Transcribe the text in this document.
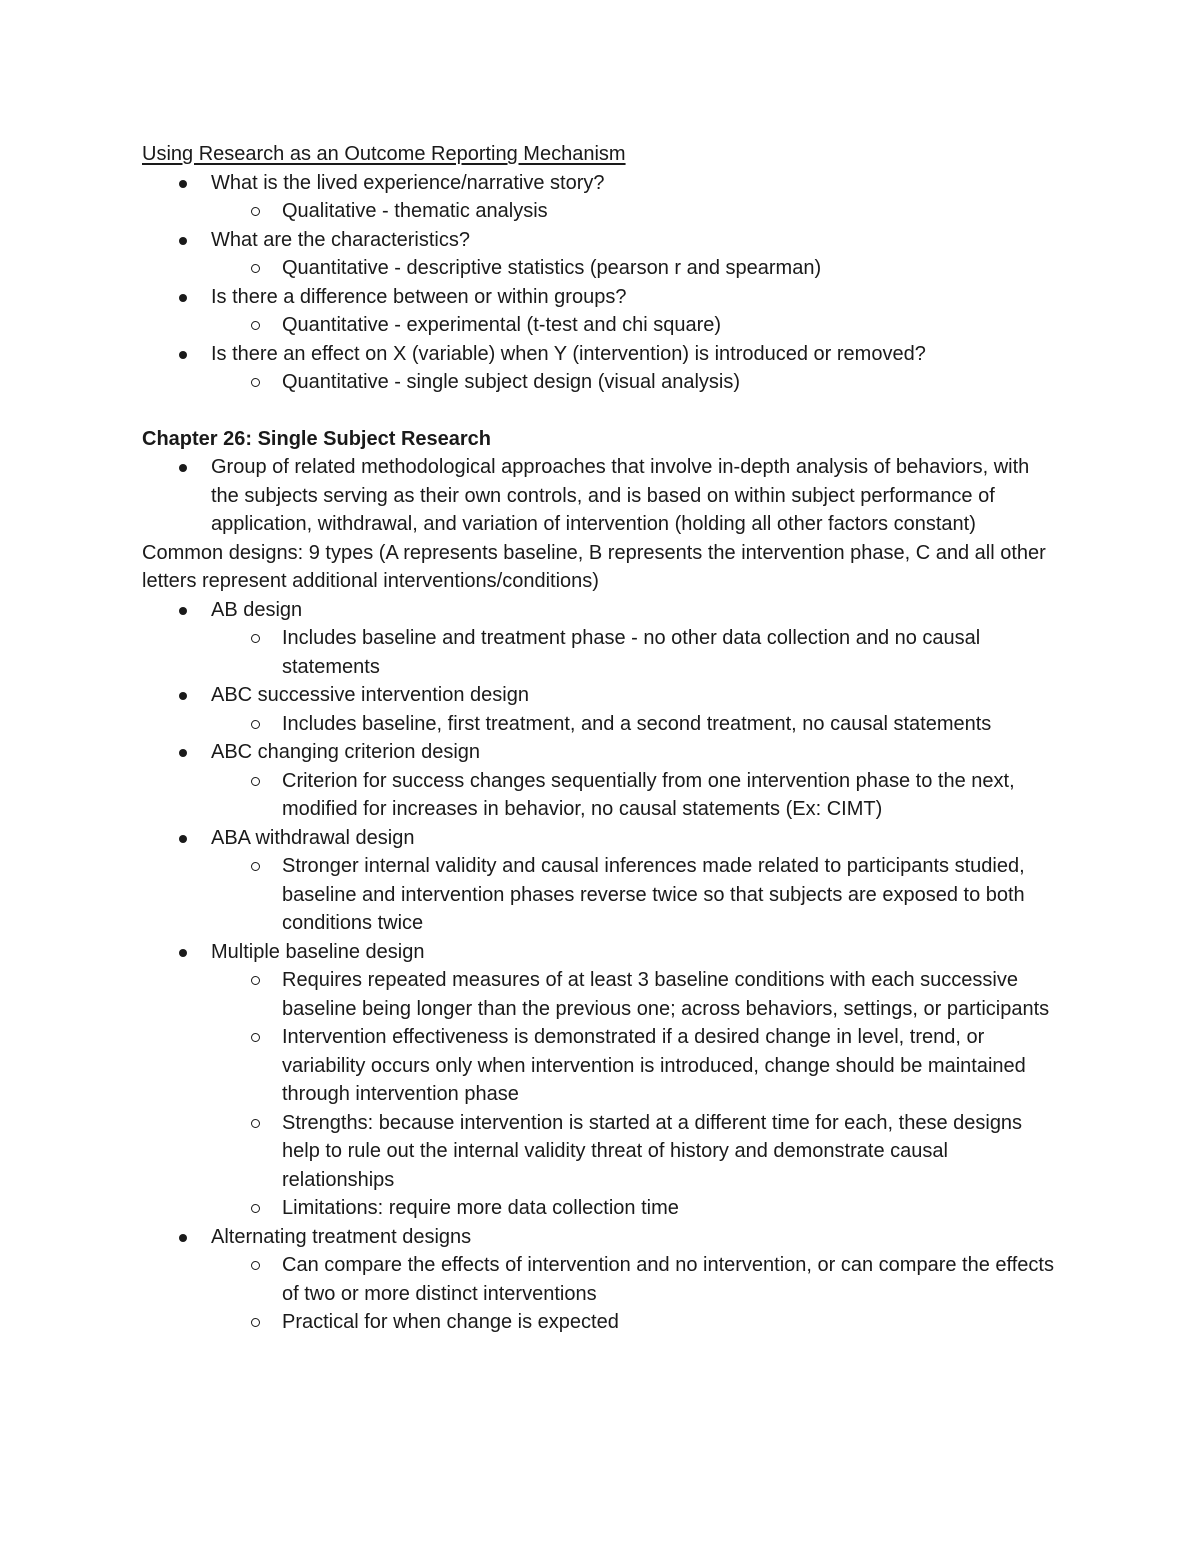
Using Research as an Outcome Reporting Mechanism
What is the lived experience/narrative story?
Qualitative - thematic analysis
What are the characteristics?
Quantitative - descriptive statistics (pearson r and spearman)
Is there a difference between or within groups?
Quantitative - experimental (t-test and chi square)
Is there an effect on X (variable) when Y (intervention) is introduced or removed?
Quantitative - single subject design (visual analysis)
Chapter 26: Single Subject Research
Group of related methodological approaches that involve in-depth analysis of behaviors, with the subjects serving as their own controls, and is based on within subject performance of application, withdrawal, and variation of intervention (holding all other factors constant)
Common designs: 9 types (A represents baseline, B represents the intervention phase, C and all other letters represent additional interventions/conditions)
AB design
Includes baseline and treatment phase - no other data collection and no causal statements
ABC successive intervention design
Includes baseline, first treatment, and a second treatment, no causal statements
ABC changing criterion design
Criterion for success changes sequentially from one intervention phase to the next, modified for increases in behavior, no causal statements (Ex: CIMT)
ABA withdrawal design
Stronger internal validity and causal inferences made related to participants studied, baseline and intervention phases reverse twice so that subjects are exposed to both conditions twice
Multiple baseline design
Requires repeated measures of at least 3 baseline conditions with each successive baseline being longer than the previous one; across behaviors, settings, or participants
Intervention effectiveness is demonstrated if a desired change in level, trend, or variability occurs only when intervention is introduced, change should be maintained through intervention phase
Strengths: because intervention is started at a different time for each, these designs help to rule out the internal validity threat of history and demonstrate causal relationships
Limitations: require more data collection time
Alternating treatment designs
Can compare the effects of intervention and no intervention, or can compare the effects of two or more distinct interventions
Practical for when change is expected
